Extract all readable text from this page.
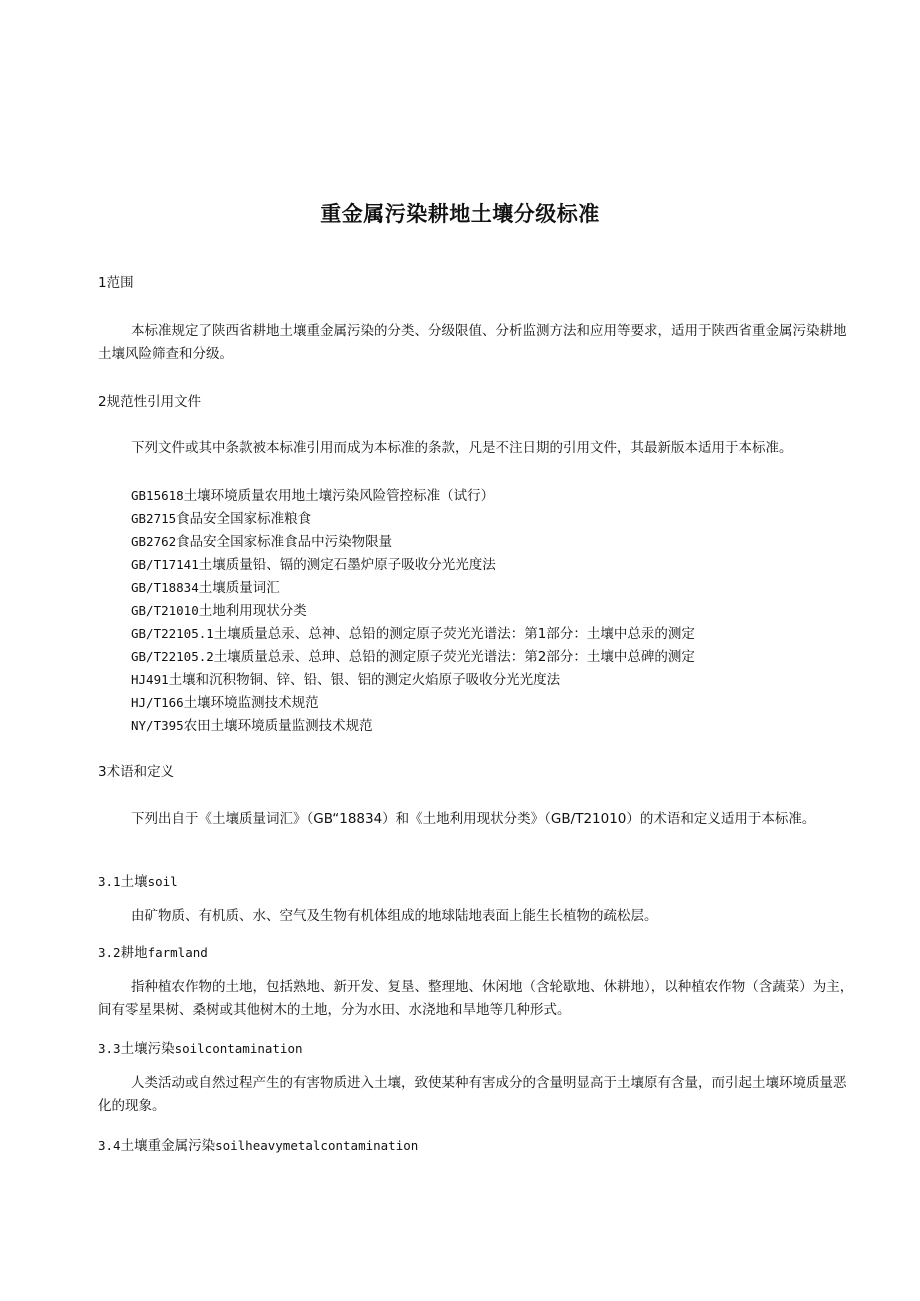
重金属污染耕地土壤分级标准
1范围
本标准规定了陕西省耕地土壤重金属污染的分类、分级限值、分析监测方法和应用等要求，适用于陕西省重金属污染耕地土壤风险筛查和分级。
2规范性引用文件
下列文件或其中条款被本标准引用而成为本标准的条款，凡是不注日期的引用文件，其最新版本适用于本标准。
GB15618土壤环境质量农用地土壤污染风险管控标准（试行）
GB2715食品安全国家标准粮食
GB2762食品安全国家标准食品中污染物限量
GB/T17141土壤质量铅、镉的测定石墨炉原子吸收分光光度法
GB/T18834土壤质量词汇
GB/T21010土地利用现状分类
GB/T22105.1土壤质量总汞、总神、总铅的测定原子荧光光谱法：第1部分：土壤中总汞的测定
GB/T22105.2土壤质量总汞、总珅、总铅的测定原子荧光光谱法：第2部分：土壤中总碑的测定
HJ491土壤和沉积物铜、锌、铅、银、铝的测定火焰原子吸收分光光度法
HJ/T166土壤环境监测技术规范
NY/T395农田土壤环境质量监测技术规范
3术语和定义
下列出自于《土壤质量词汇》（GB“18834）和《土地利用现状分类》（GB/T21010）的术语和定义适用于本标准。
3.1土壤soil
由矿物质、有机质、水、空气及生物有机体组成的地球陆地表面上能生长植物的疏松层。
3.2耕地farmland
指种植农作物的土地，包括熟地、新开发、复垦、整理地、休闲地（含轮歇地、休耕地），以种植农作物（含蔬菜）为主，间有零星果树、桑树或其他树木的土地，分为水田、水浇地和旱地等几种形式。
3.3土壤污染soilcontamination
人类活动或自然过程产生的有害物质进入土壤，致使某种有害成分的含量明显高于土壤原有含量，而引起土壤环境质量恶化的现象。
3.4土壤重金属污染soilheavymetalcontamination
